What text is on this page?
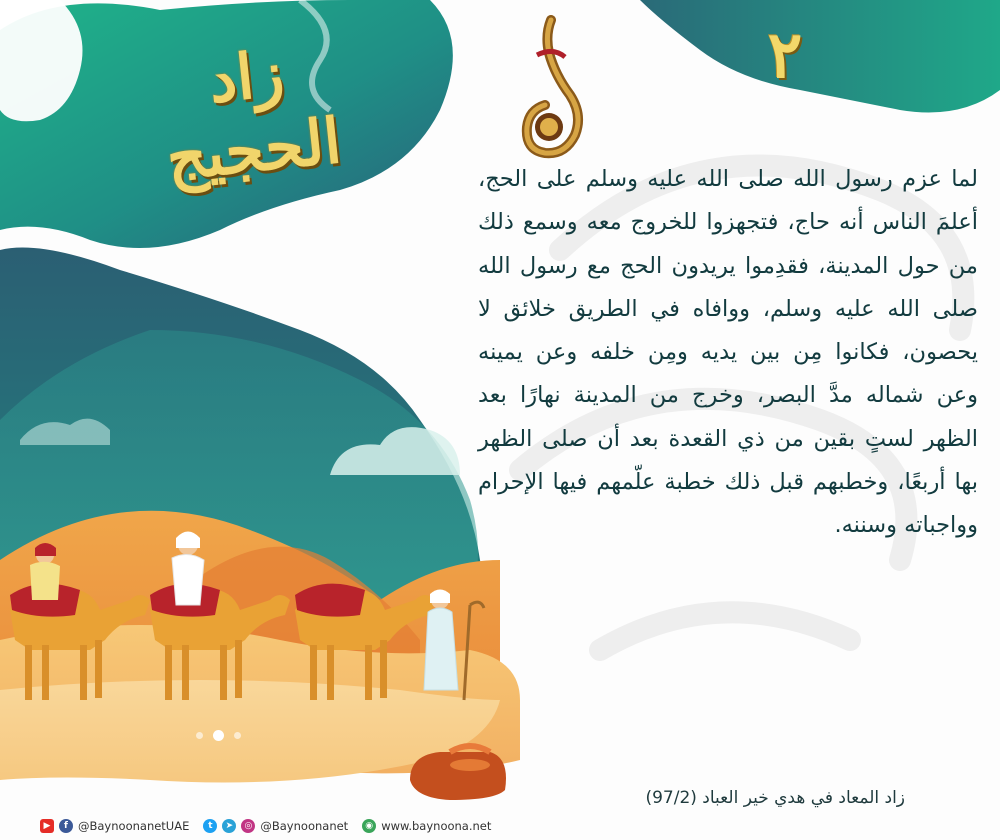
٢
زاد الحجيج	لما عزم رسول الله صلى الله عليه وسلم على الحج، أعلمَ الناس أنه حاج، فتجهزوا للخروج معه وسمع ذلك من حول المدينة، فقدِموا يريدون الحج مع رسول الله صلى الله عليه وسلم، ووافاه في الطريق خلائق لا يحصون، فكانوا مِن بين يديه ومِن خلفه وعن يمينه وعن شماله مدَّ البصر، وخرج من المدينة نهارًا بعد الظهر لستٍ بقين من ذي القعدة بعد أن صلى الظهر بها أربعًا، وخطبهم قبل ذلك خطبة علّمهم فيها الإحرام وواجباته وسننه.
زاد المعاد في هدي خير العباد (97/2)
▶	f @BaynoonanetUAE	t	➤	◎ @Baynoonanet	◉ www.baynoona.net
